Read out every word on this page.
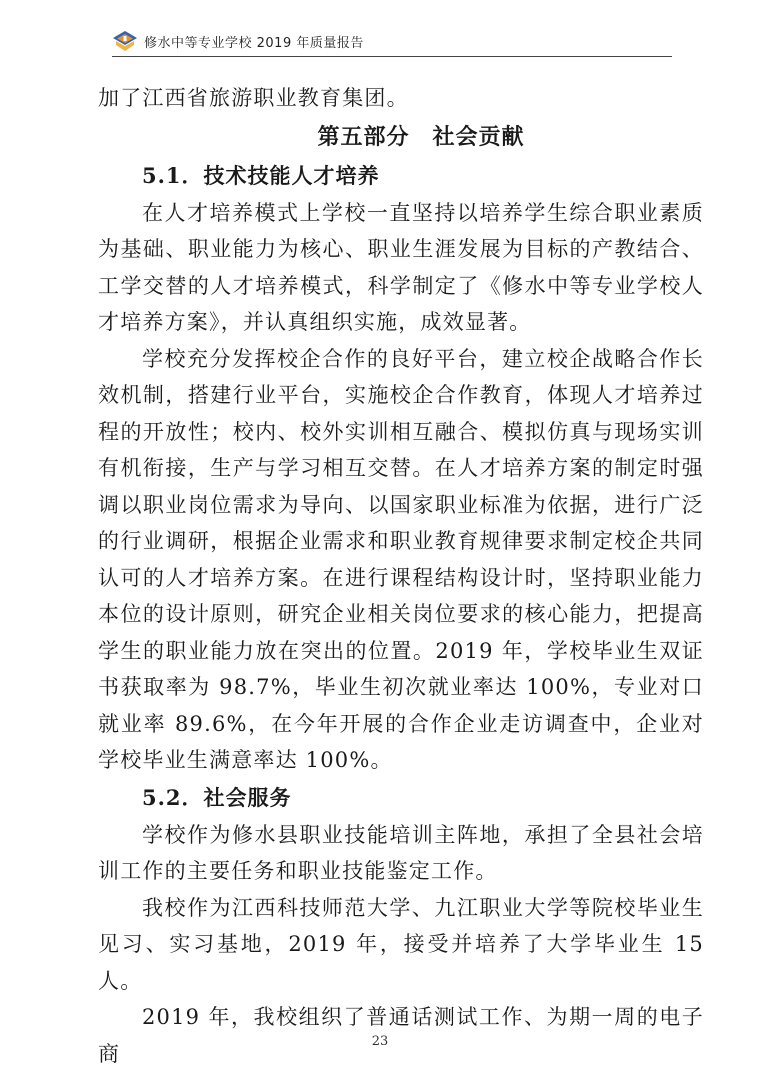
修水中等专业学校 2019 年质量报告

加了江西省旅游职业教育集团。

第五部分　社会贡献
5.1．技术技能人才培养

在人才培养模式上学校一直坚持以培养学生综合职业素质为基础、职业能力为核心、职业生涯发展为目标的产教结合、工学交替的人才培养模式，科学制定了《修水中等专业学校人才培养方案》，并认真组织实施，成效显著。

学校充分发挥校企合作的良好平台，建立校企战略合作长效机制，搭建行业平台，实施校企合作教育，体现人才培养过程的开放性；校内、校外实训相互融合、模拟仿真与现场实训有机衔接，生产与学习相互交替。在人才培养方案的制定时强调以职业岗位需求为导向、以国家职业标准为依据，进行广泛的行业调研，根据企业需求和职业教育规律要求制定校企共同认可的人才培养方案。在进行课程结构设计时，坚持职业能力本位的设计原则，研究企业相关岗位要求的核心能力，把提高学生的职业能力放在突出的位置。2019 年，学校毕业生双证书获取率为 98.7%，毕业生初次就业率达 100%，专业对口就业率 89.6%，在今年开展的合作企业走访调查中，企业对学校毕业生满意率达 100%。

5.2．社会服务

学校作为修水县职业技能培训主阵地，承担了全县社会培训工作的主要任务和职业技能鉴定工作。

我校作为江西科技师范大学、九江职业大学等院校毕业生见习、实习基地，2019 年，接受并培养了大学毕业生 15 人。

2019 年，我校组织了普通话测试工作、为期一周的电子商	23
